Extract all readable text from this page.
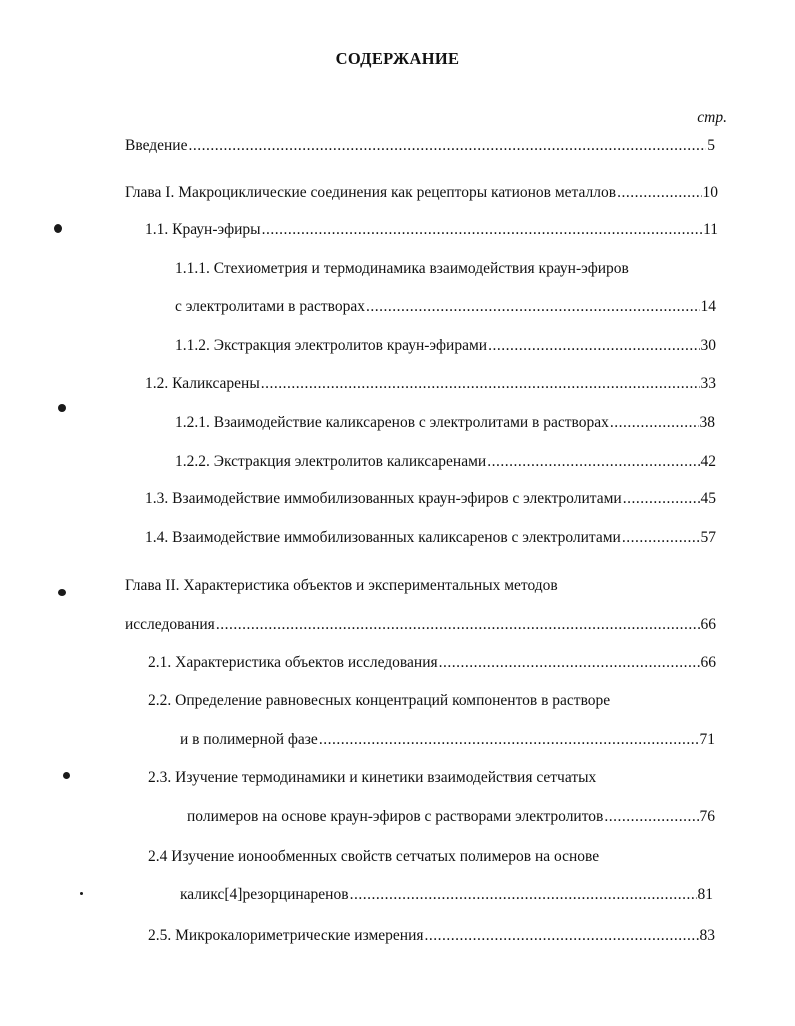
СОДЕРЖАНИЕ
стр.
Введение .....	5
Глава I. Макроциклические соединения как рецепторы катионов металлов .....	10
1.1. Краун-эфиры .....	11
1.1.1. Стехиометрия и термодинамика взаимодействия краун-эфиров
с электролитами в растворах .....	14
1.1.2. Экстракция электролитов краун-эфирами .....	30
1.2. Каликсарены .....	33
1.2.1. Взаимодействие каликсаренов с электролитами в растворах .....	38
1.2.2. Экстракция электролитов каликсаренами .....	42
1.3. Взаимодействие иммобилизованных краун-эфиров с электролитами .....	45
1.4. Взаимодействие иммобилизованных каликсаренов с электролитами .....	57
Глава II. Характеристика объектов и экспериментальных методов
исследования .....	66
2.1. Характеристика объектов исследования .....	66
2.2. Определение равновесных концентраций компонентов в растворе
и в полимерной фазе .....	71
2.3. Изучение термодинамики и кинетики взаимодействия сетчатых
полимеров на основе краун-эфиров с растворами электролитов .....	76
2.4 Изучение ионообменных свойств сетчатых полимеров на основе
каликс[4]резорцинаренов .....	81
2.5. Микрокалориметрические измерения .....	83
